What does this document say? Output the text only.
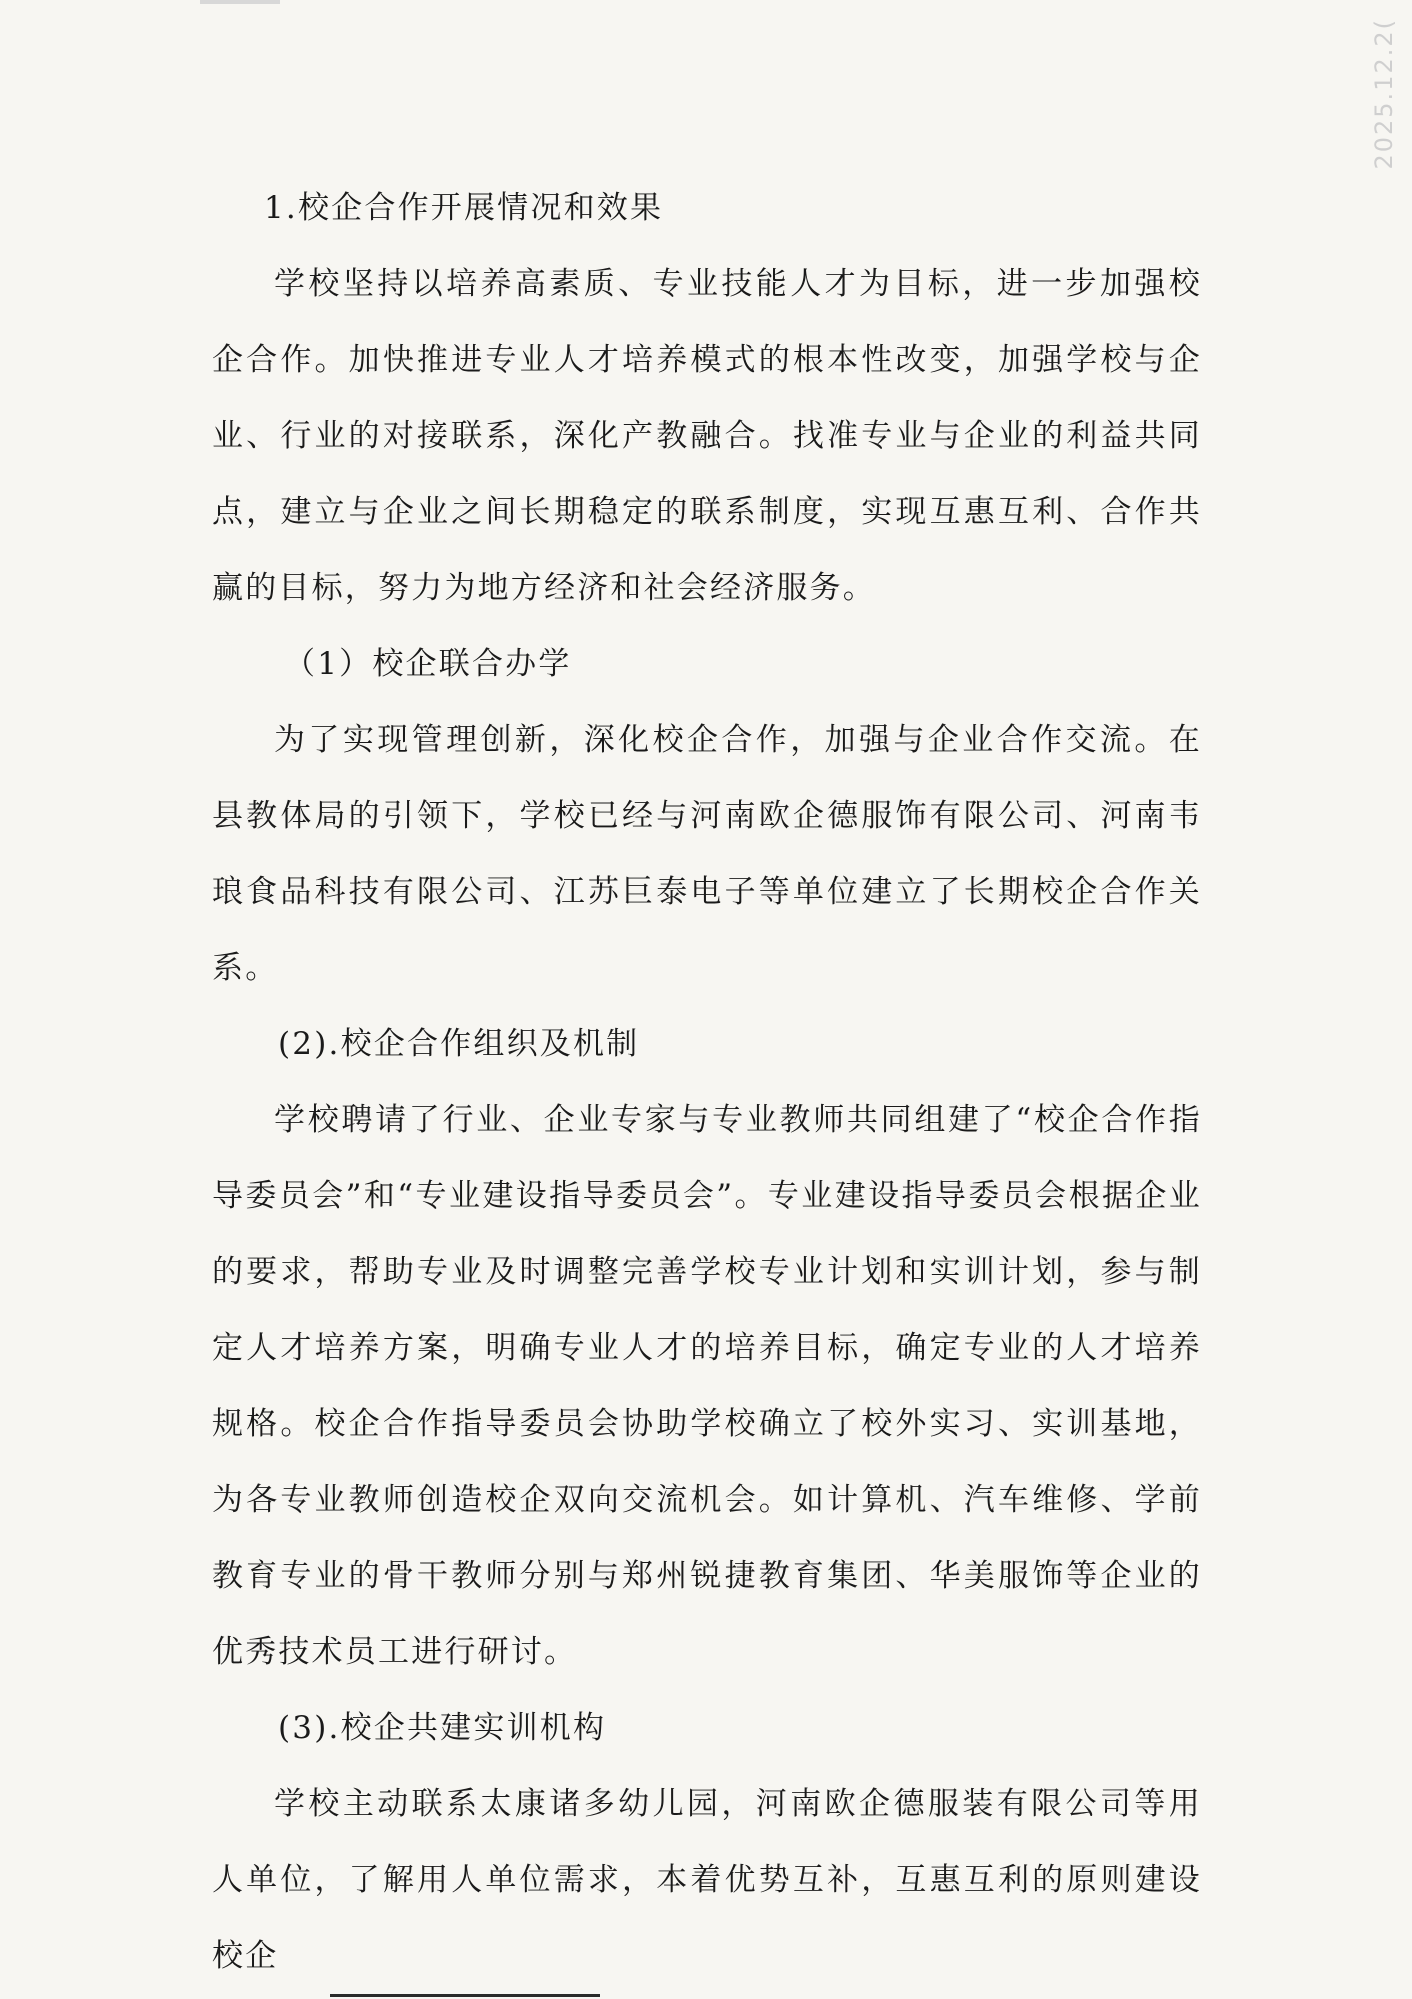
2025.12.2(

1.校企合作开展情况和效果

学校坚持以培养高素质、专业技能人才为目标，进一步加强校企合作。加快推进专业人才培养模式的根本性改变，加强学校与企业、行业的对接联系，深化产教融合。找准专业与企业的利益共同点，建立与企业之间长期稳定的联系制度，实现互惠互利、合作共赢的目标，努力为地方经济和社会经济服务。

（1）校企联合办学

为了实现管理创新，深化校企合作，加强与企业合作交流。在县教体局的引领下，学校已经与河南欧企德服饰有限公司、河南韦琅食品科技有限公司、江苏巨泰电子等单位建立了长期校企合作关系。

(2).校企合作组织及机制

学校聘请了行业、企业专家与专业教师共同组建了“校企合作指导委员会”和“专业建设指导委员会”。专业建设指导委员会根据企业的要求，帮助专业及时调整完善学校专业计划和实训计划，参与制定人才培养方案，明确专业人才的培养目标，确定专业的人才培养规格。校企合作指导委员会协助学校确立了校外实习、实训基地，为各专业教师创造校企双向交流机会。如计算机、汽车维修、学前教育专业的骨干教师分别与郑州锐捷教育集团、华美服饰等企业的优秀技术员工进行研讨。

(3).校企共建实训机构

学校主动联系太康诸多幼儿园，河南欧企德服装有限公司等用人单位，了解用人单位需求，本着优势互补，互惠互利的原则建设校企
